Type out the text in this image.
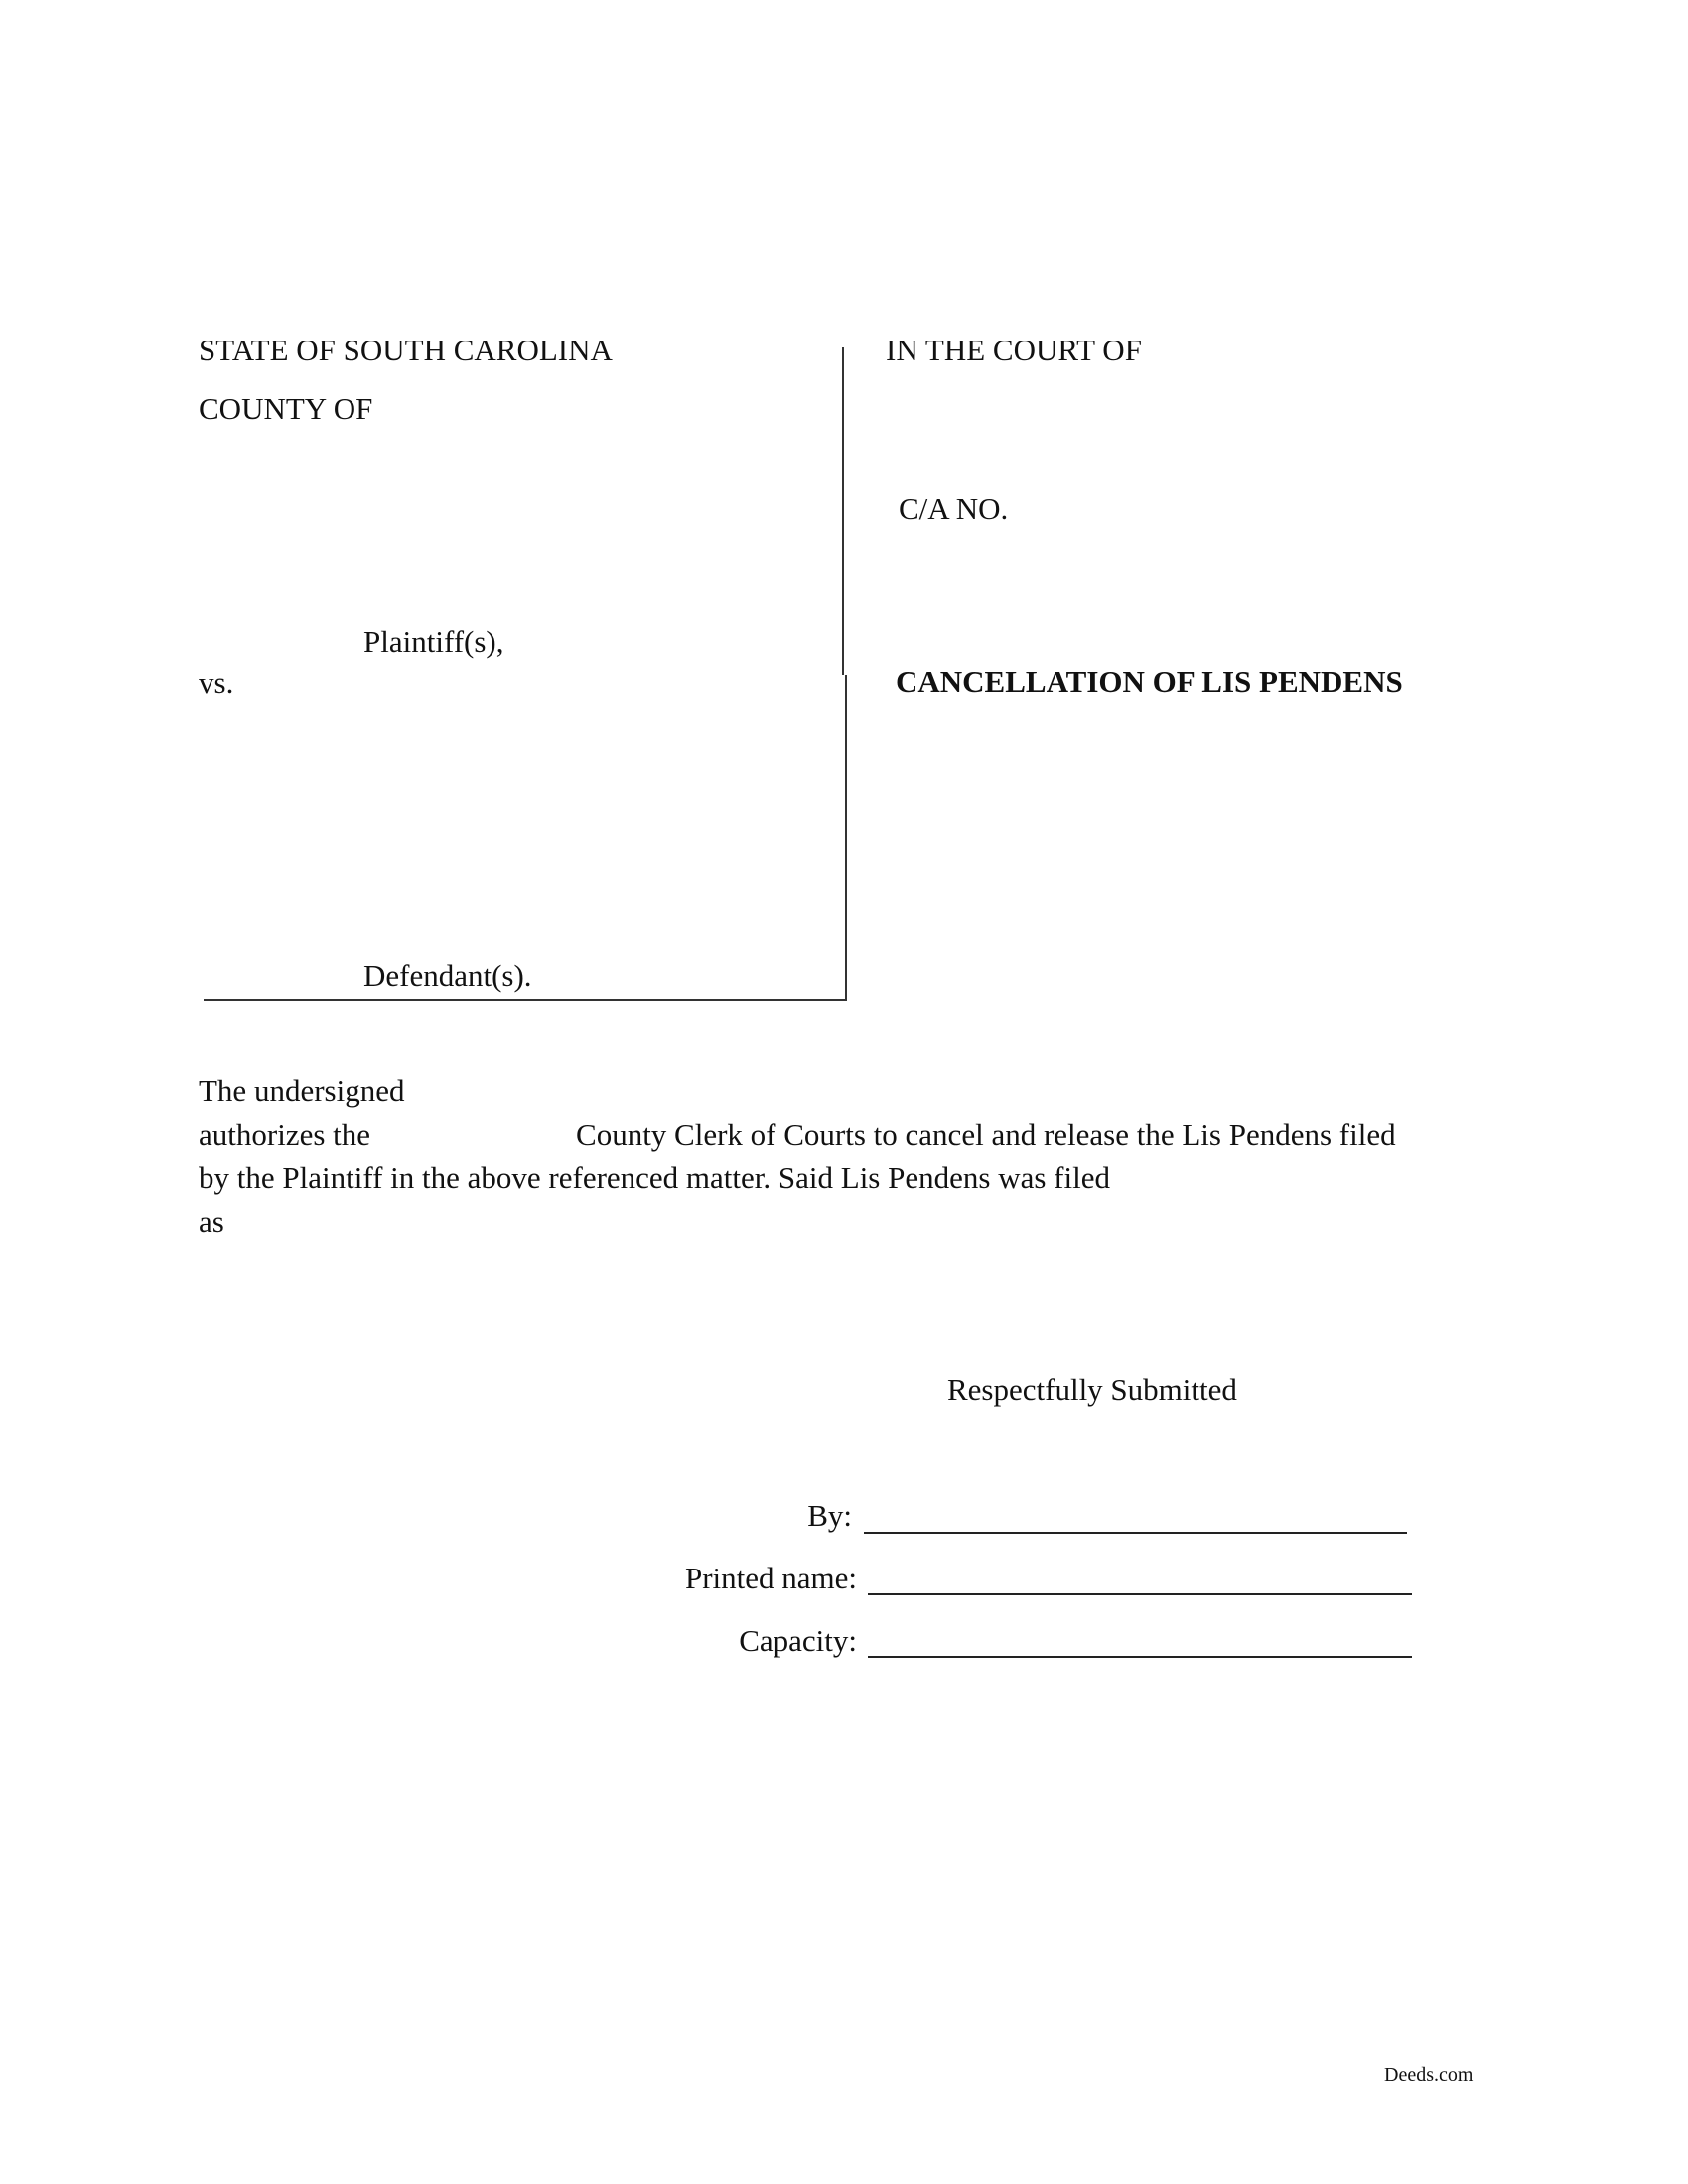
STATE OF SOUTH CAROLINA
COUNTY OF
Plaintiff(s),
vs.
Defendant(s).
IN THE COURT OF
C/A NO.
CANCELLATION OF LIS PENDENS
The undersigned
authorizes the	County Clerk of Courts to cancel and release the Lis Pendens filed
by the Plaintiff in the above referenced matter. Said Lis Pendens was filed
as
Respectfully Submitted
By:
Printed name:
Capacity:
Deeds.com
